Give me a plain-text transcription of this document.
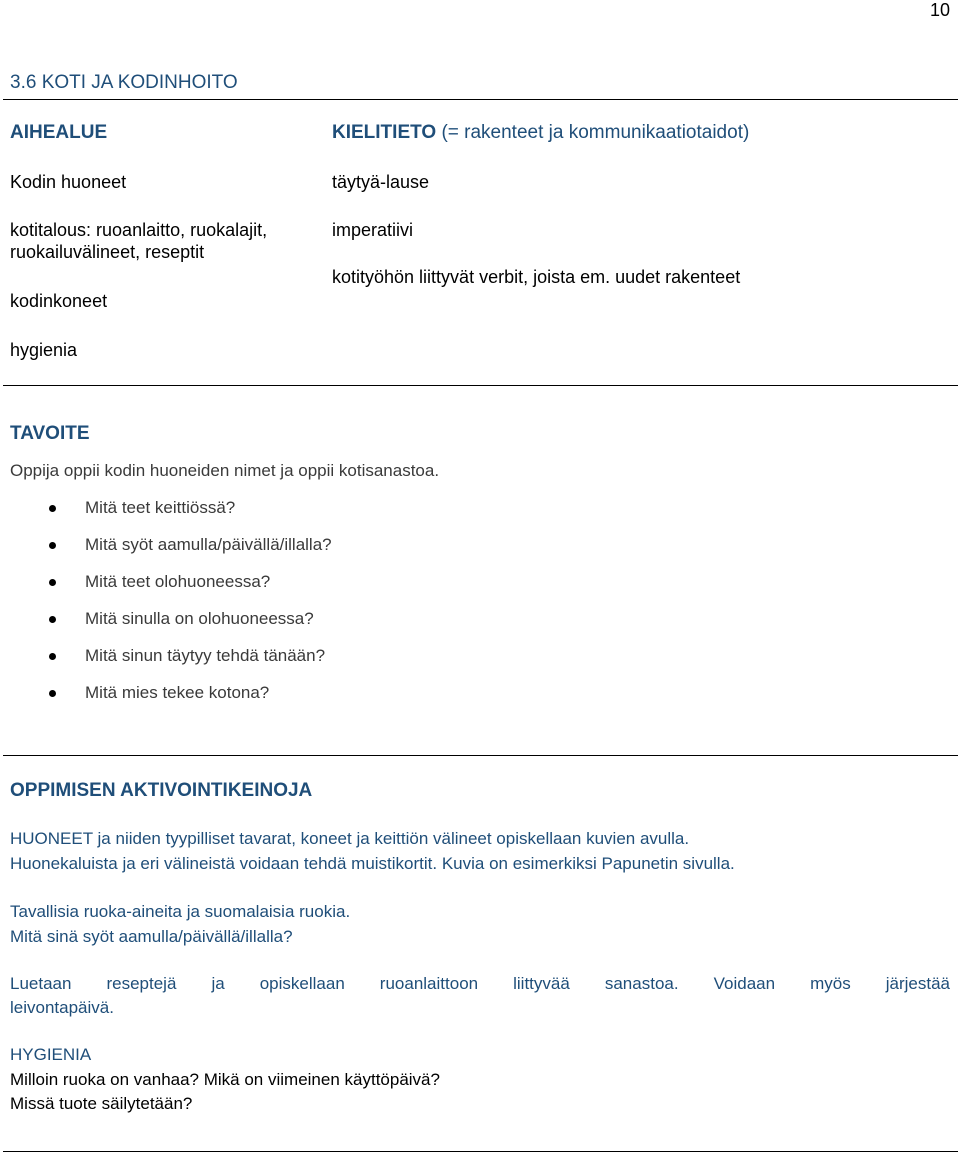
10
3.6 KOTI JA KODINHOITO
AIHEALUE	KIELITIETO (= rakenteet ja kommunikaatiotaidot)
Kodin huoneet
kotitalous: ruoanlaitto, ruokalajit,
ruokailuvälineet, reseptit
kodinkoneet
hygienia
täytyä-lause
imperatiivi
kotityöhön liittyvät verbit, joista em. uudet rakenteet
TAVOITE
Oppija oppii kodin huoneiden nimet ja oppii kotisanastoa.
Mitä teet keittiössä?
Mitä syöt aamulla/päivällä/illalla?
Mitä teet olohuoneessa?
Mitä sinulla on olohuoneessa?
Mitä sinun täytyy tehdä tänään?
Mitä mies tekee kotona?
OPPIMISEN AKTIVOINTIKEINOJA
HUONEET ja niiden tyypilliset tavarat, koneet ja keittiön välineet opiskellaan kuvien avulla.
Huonekaluista ja eri välineistä voidaan tehdä muistikortit. Kuvia on esimerkiksi Papunetin sivulla.
Tavallisia ruoka-aineita ja suomalaisia ruokia.
Mitä sinä syöt aamulla/päivällä/illalla?
Luetaan reseptejä ja opiskellaan ruoanlaittoon liittyvää sanastoa. Voidaan myös järjestää
leivontapäivä.
HYGIENIA
Milloin ruoka on vanhaa? Mikä on viimeinen käyttöpäivä?
Missä tuote säilytetään?
